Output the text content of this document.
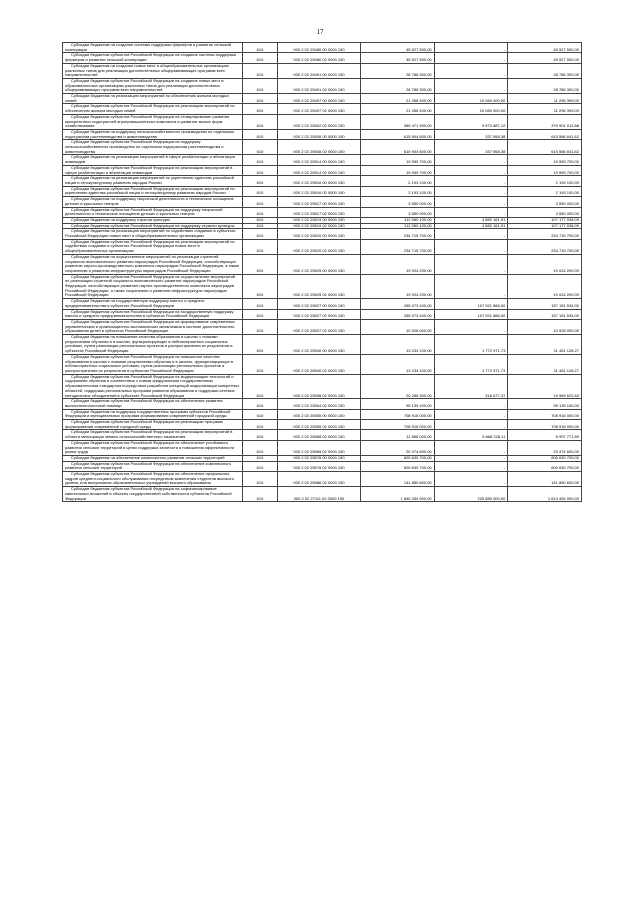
17
Субсидии бюджетам на создание системы поддержки фермеров и развитие сельской кооперации	610	000 2 02 25480 00 0000 150	45 527 500,00	-	45 527 500,00
Субсидии бюджетам субъектов Российской Федерации на создание системы поддержки фермеров и развитие сельской кооперации	610	000 2 02 25480 02 0000 150	45 527 500,00	-	45 527 500,00
Субсидии бюджетам на создание новых мест в общеобразовательных организациях различных типов для реализации дополнительных общеразвивающих программ всех направленностей	610	000 2 02 25491 00 0000 150	28 786 300,00	-	28 786 300,00
Субсидии бюджетам субъектов Российской Федерации на создание новых мест в образовательных организациях различных типов для реализации дополнительных общеразвивающих программ всех направленностей	610	000 2 02 25491 02 0000 150	28 786 300,00	-	28 786 300,00
Субсидии бюджетам на реализацию мероприятий по обеспечению жильем молодых семей	610	000 2 02 25497 00 0000 150	21 356 400,00	10 060 000,00	11 296 399,00
Субсидии бюджетам субъектов Российской Федерации на реализацию мероприятий по обеспечению жильем молодых семей	610	000 2 02 25497 02 0000 150	21 356 400,00	10 060 000,00	11 296 399,00
Субсидии бюджетам субъектов Российской Федерации на стимулирование развития приоритетных подотраслей агропромышленного комплекса и развитие малых форм хозяйствования	610	000 2 02 25502 02 0000 150	389 471 900,00	9 570 887,12	379 901 012,88
Субсидии бюджетам на поддержку сельскохозяйственного производства по отдельным подотраслям растениеводства и животноводства	610	000 2 02 25508 00 0000 150	615 904 600,00	337 958,38	615 566 641,62
Субсидии бюджетам субъектов Российской Федерации на поддержку сельскохозяйственного производства по отдельным подотраслям растениеводства и животноводства	610	000 2 02 25508 02 0000 150	615 904 600,00	337 958,38	615 566 641,62
Субсидии бюджетам на реализацию мероприятий в сфере реабилитации и абилитации инвалидов	610	000 2 02 25514 00 0000 150	19 559 700,00	-	19 559 700,00
Субсидии бюджетам субъектов Российской Федерации на реализацию мероприятий в сфере реабилитации и абилитации инвалидов	610	000 2 02 25514 02 0000 150	19 559 700,00	-	19 559 700,00
Субсидии бюджетам на реализацию мероприятий по укреплению единства российской нации и этнокультурному развитию народов России	610	000 2 02 25516 00 0000 150	2 193 100,00	-	2 193 100,00
Субсидии бюджетам субъектов Российской Федерации на реализацию мероприятий по укреплению единства российской нации и этнокультурному развитию народов России	610	000 2 02 25516 02 0000 150	2 193 100,00	-	2 193 100,00
Субсидии бюджетам на поддержку творческой деятельности и техническое оснащение детских и кукольных театров	610	000 2 02 25517 00 0000 150	3 550 000,00	-	3 550 000,00
Субсидии бюджетам субъектов Российской Федерации на поддержку творческой деятельности и техническое оснащение детских и кукольных театров	610	000 2 02 25517 02 0000 150	3 550 000,00	-	3 550 000,00
Субсидии бюджетам на поддержку отрасли культуры	610	000 2 02 25519 00 0000 150	112 060 100,00	4 882 161,91	107 177 938,09
Субсидии бюджетам субъектов Российской Федерации на поддержку отрасли культуры	610	000 2 02 25519 02 0000 150	112 060 100,00	4 882 161,91	107 177 938,09
Субсидии бюджетам на реализацию мероприятий по содействию созданию в субъектах Российской Федерации новых мест в общеобразовательных организациях	610	000 2 02 25520 00 0000 150	234 715 700,00	-	234 715 700,00
Субсидии бюджетам субъектов Российской Федерации на реализацию мероприятий по содействию созданию в субъектах Российской Федерации новых мест в общеобразовательных организациях	610	000 2 02 25520 02 0000 150	234 715 700,00	-	234 715 700,00
Субсидии бюджетам на осуществление мероприятий по реализации стратегий социально-экономического развития наукоградов Российской Федерации, способствующих развитию научно-производственного комплекса наукоградов Российской Федерации, а также сохранению и развитию инфраструктуры наукоградов Российской Федерации	610	000 2 02 25525 00 0000 150	19 024 200,00	-	19 024 200,00
Субсидии бюджетам субъектов Российской Федерации на осуществление мероприятий по реализации стратегий социально-экономического развития наукоградов Российской Федерации, способствующих развитию научно-производственного комплекса наукоградов Российской Федерации, а также сохранению и развитию инфраструктуры наукоградов Российской Федерации	610	000 2 02 25525 02 0000 150	19 024 200,00	-	19 024 200,00
Субсидии бюджетам на государственную поддержку малого и среднего предпринимательства в субъектах Российской Федерации	610	000 2 02 25527 00 0000 150	265 073 400,00	107 921 866,00	157 151 534,00
Субсидии бюджетам субъектов Российской Федерации на государственную поддержку малого и среднего предпринимательства в субъектах Российской Федерации	610	000 2 02 25527 02 0000 150	265 073 400,00	107 921 866,00	157 151 534,00
Субсидии бюджетам субъектов Российской Федерации на формирование современных управленческих и организационно-экономических механизмов в системе дополнительного образования детей в субъектах Российской Федерации	610	000 2 02 25537 02 0000 150	10 928 000,00	-	10 928 000,00
Субсидии бюджетам на повышение качества образования в школах с низкими результатами обучения и в школах, функционирующих в неблагоприятных социальных условиях, путем реализации региональных проектов и распространения их результатов в субъектах Российской Федерации	610	000 2 02 25540 00 0000 150	13 234 100,00	1 772 971,73	11 461 128,27
Субсидии бюджетам субъектов Российской Федерации на повышение качества образования в школах с низкими результатами обучения и в школах, функционирующих в неблагоприятных социальных условиях, путем реализации региональных проектов и распространения их результатов в субъектах Российской Федерации	610	000 2 02 25540 02 0000 150	13 234 100,00	1 772 971,73	11 461 128,27
Субсидии бюджетам субъектов Российской Федерации на модернизацию технологий и содержания обучения в соответствии с новым федеральным государственным образовательным стандартом посредством разработки концепций модернизации конкретных областей, поддержки региональных программ развития образования и поддержки сетевых методических объединений в субъектах Российской Федерации	610	000 2 02 25558 02 0000 150	20 286 300,00	316 677,37	19 969 622,63
Субсидии бюджетам субъектов Российской Федерации на обеспечение развития высокотехнологичной помощи	610	000 2 02 25554 02 0000 150	95 139 100,00	-	95 139 100,00
Субсидии бюджетам на поддержку государственных программ субъектов Российской Федерации и муниципальных программ формирования современной городской среды	610	000 2 02 25555 00 0000 150	708 916 000,00	-	708 916 000,00
Субсидии бюджетам субъектов Российской Федерации на реализацию программ формирования современной городской среды	610	000 2 02 25555 02 0000 150	708 916 000,00	-	708 916 000,00
Субсидии бюджетам субъектов Российской Федерации на реализацию мероприятий в области мелиорации земель сельскохозяйственного назначения	610	000 2 02 25568 02 0000 150	11 666 000,00	5 668 228,11	5 997 771,89
Субсидии бюджетам субъектов Российской Федерации на обеспечение устойчивого развития сельских территорий в целях поддержки занятости и повышения эффективности рынка труда	610	000 2 02 25569 02 0000 150	20 474 600,00	-	20 474 600,00
Субсидии бюджетам на обеспечение комплексного развития сельских территорий	610	000 2 02 25576 00 0000 150	600 630 700,00	-	600 630 700,00
Субсидии бюджетам субъектов Российской Федерации на обеспечение комплексного развития сельских территорий	610	000 2 02 25576 02 0000 150	600 630 700,00	-	600 630 700,00
Субсидии бюджетам субъектов Российской Федерации на обеспечение профильных кадров среднего-социального обслуживания посредством вовлечения студентов высокого уровня, или выпускников образовательных учреждений высшего образования	610	000 2 02 25586 02 0000 150	141 850 600,00	-	141 850 600,00
Субсидии бюджетам субъектов Российской Федерации на софинансирование капитальных вложений в объекты государственной собственности субъектов Российской Федерации	610	000 2 02 27111 02 0000 150	1 840 334 900,00	225 880 000,00	1 614 454 900,00
